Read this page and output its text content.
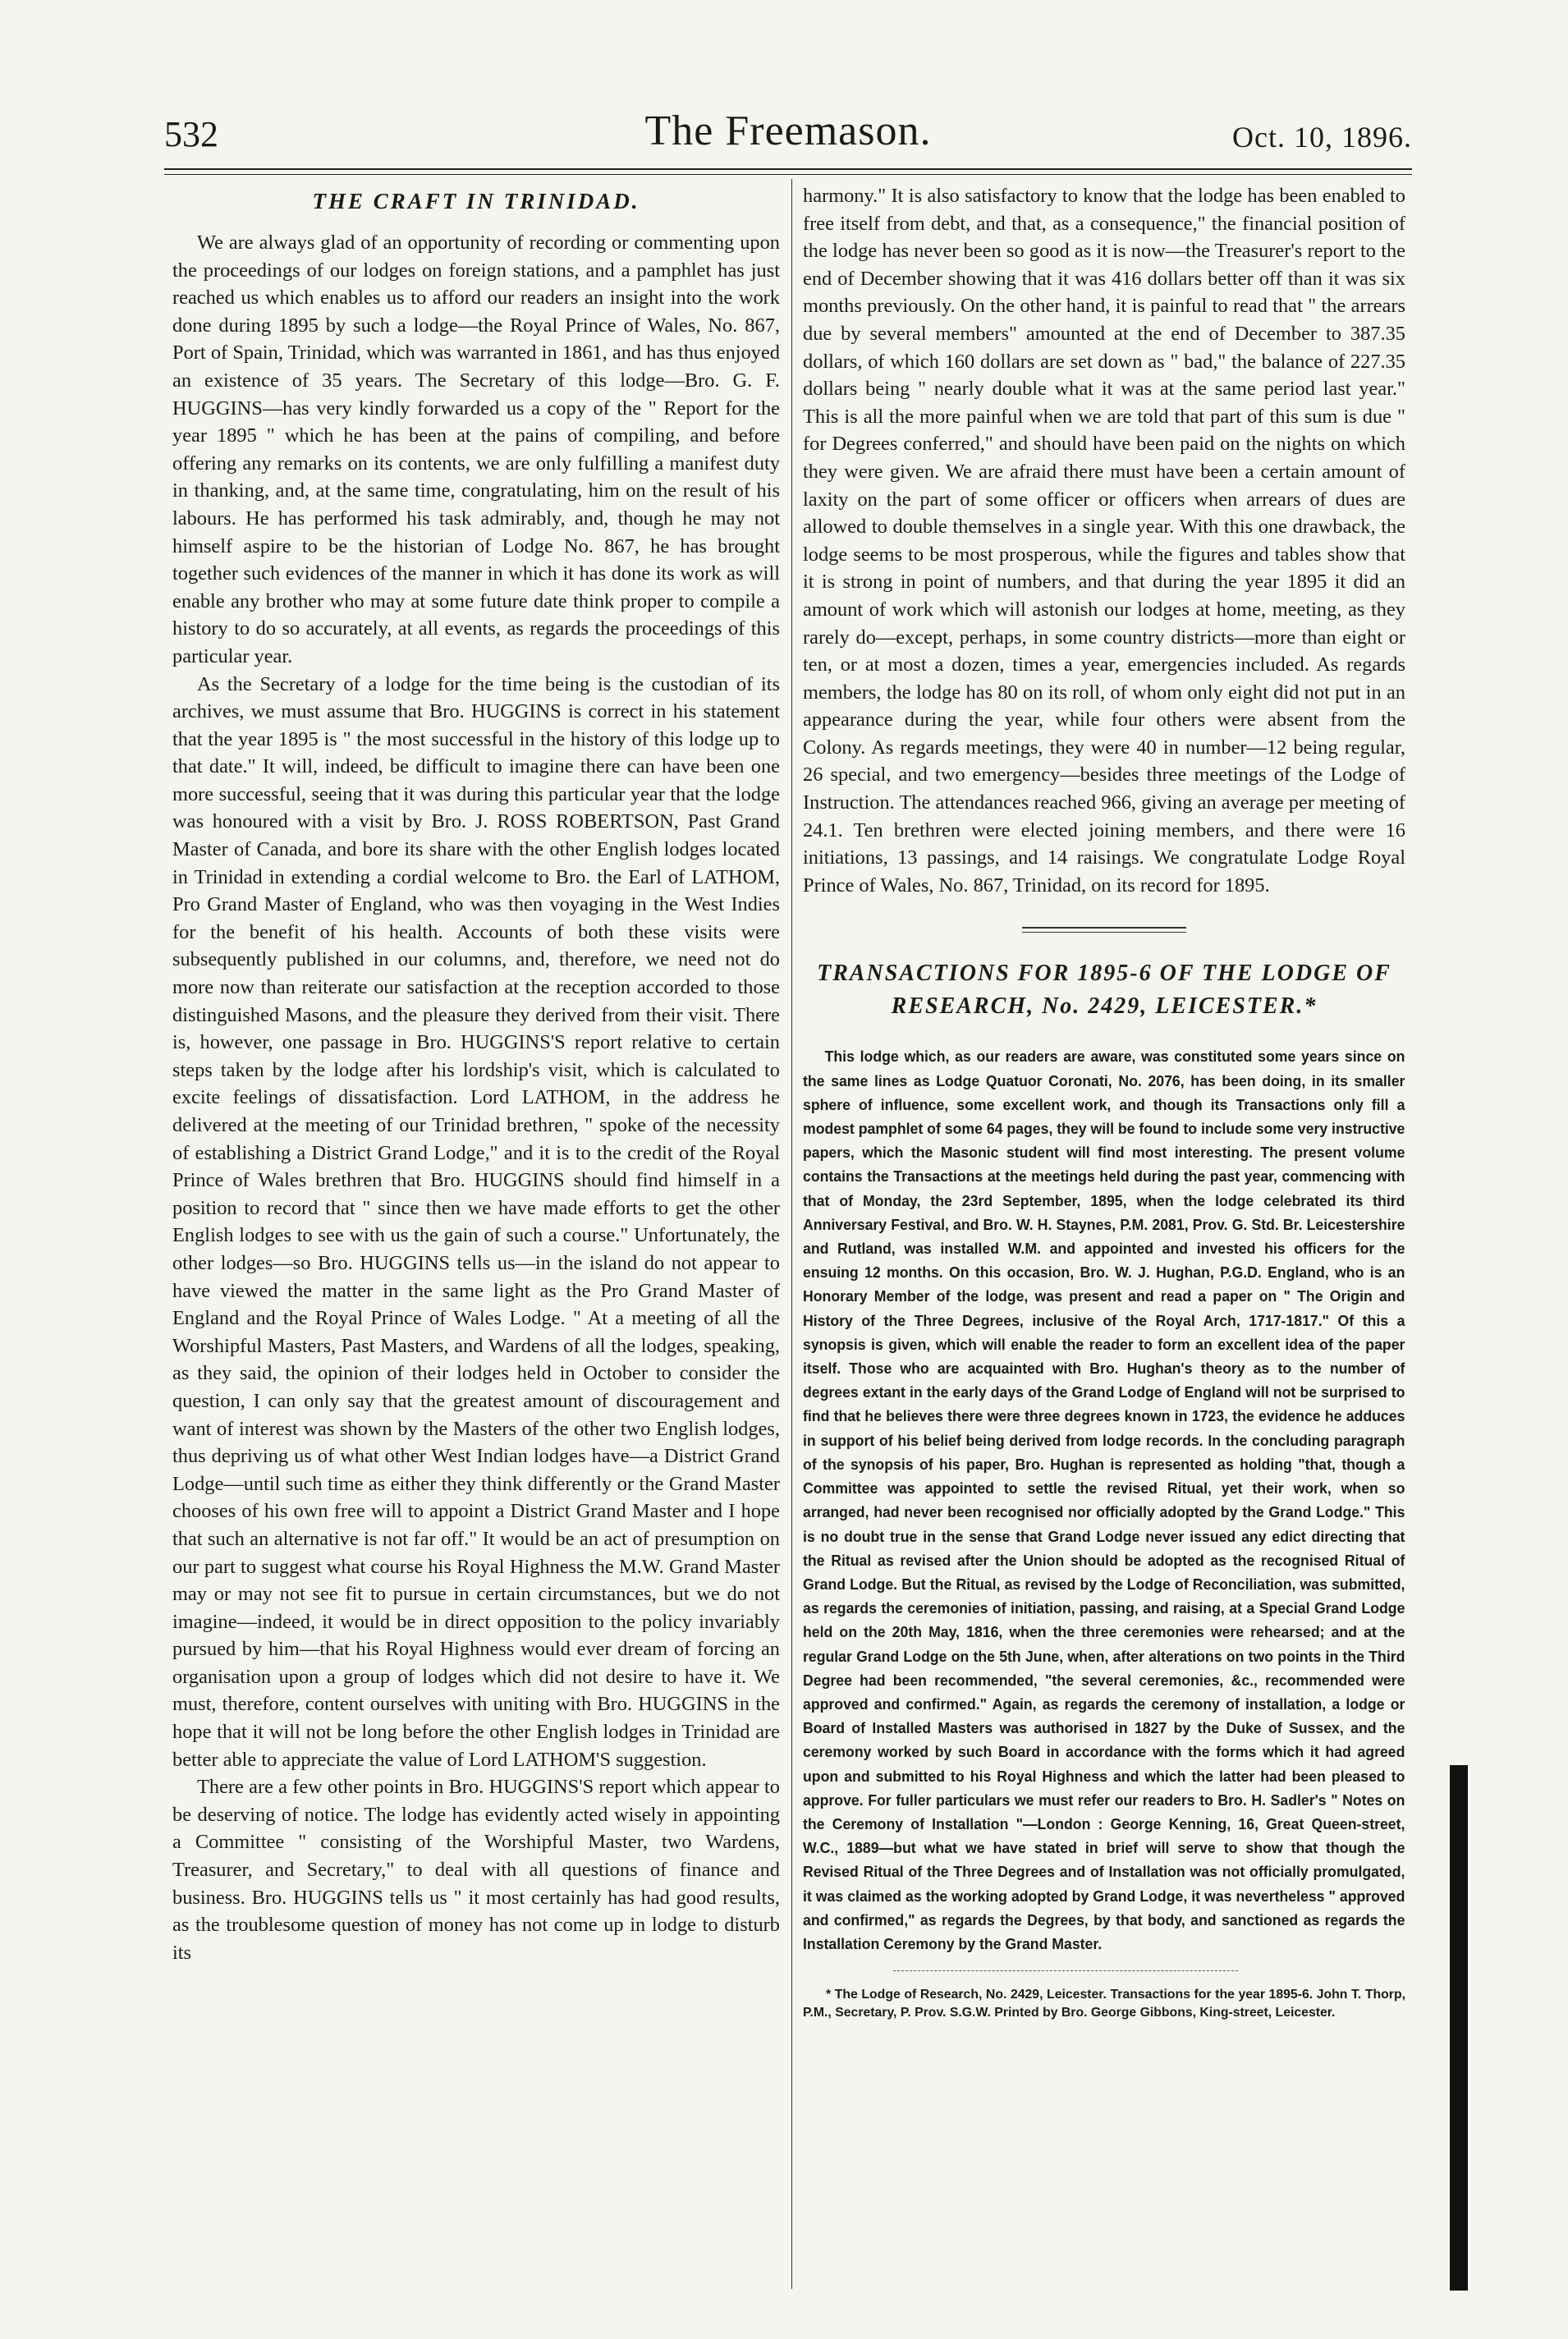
532	The Freemason.	Oct. 10, 1896.
THE CRAFT IN TRINIDAD.

We are always glad of an opportunity of recording or commenting upon the proceedings of our lodges on foreign stations, and a pamphlet has just reached us which enables us to afford our readers an insight into the work done during 1895 by such a lodge—the Royal Prince of Wales, No. 867, Port of Spain, Trinidad, which was warranted in 1861, and has thus enjoyed an existence of 35 years. The Secretary of this lodge—Bro. G. F. HUGGINS—has very kindly forwarded us a copy of the " Report for the year 1895 " which he has been at the pains of compiling, and before offering any remarks on its contents, we are only fulfilling a manifest duty in thanking, and, at the same time, congratulating, him on the result of his labours. He has performed his task admirably, and, though he may not himself aspire to be the historian of Lodge No. 867, he has brought together such evidences of the manner in which it has done its work as will enable any brother who may at some future date think proper to compile a history to do so accurately, at all events, as regards the proceedings of this particular year.

As the Secretary of a lodge for the time being is the custodian of its archives, we must assume that Bro. HUGGINS is correct in his statement that the year 1895 is " the most successful in the history of this lodge up to that date." It will, indeed, be difficult to imagine there can have been one more successful, seeing that it was during this particular year that the lodge was honoured with a visit by Bro. J. ROSS ROBERTSON, Past Grand Master of Canada, and bore its share with the other English lodges located in Trinidad in extending a cordial welcome to Bro. the Earl of LATHOM, Pro Grand Master of England, who was then voyaging in the West Indies for the benefit of his health. Accounts of both these visits were subsequently published in our columns, and, therefore, we need not do more now than reiterate our satisfaction at the reception accorded to those distinguished Masons, and the pleasure they derived from their visit. There is, however, one passage in Bro. HUGGINS'S report relative to certain steps taken by the lodge after his lordship's visit, which is calculated to excite feelings of dissatisfaction. Lord LATHOM, in the address he delivered at the meeting of our Trinidad brethren, " spoke of the necessity of establishing a District Grand Lodge," and it is to the credit of the Royal Prince of Wales brethren that Bro. HUGGINS should find himself in a position to record that " since then we have made efforts to get the other English lodges to see with us the gain of such a course." Unfortunately, the other lodges—so Bro. HUGGINS tells us—in the island do not appear to have viewed the matter in the same light as the Pro Grand Master of England and the Royal Prince of Wales Lodge. " At a meeting of all the Worshipful Masters, Past Masters, and Wardens of all the lodges, speaking, as they said, the opinion of their lodges held in October to consider the question, I can only say that the greatest amount of discouragement and want of interest was shown by the Masters of the other two English lodges, thus depriving us of what other West Indian lodges have—a District Grand Lodge—until such time as either they think differently or the Grand Master chooses of his own free will to appoint a District Grand Master and I hope that such an alternative is not far off." It would be an act of presumption on our part to suggest what course his Royal Highness the M.W. Grand Master may or may not see fit to pursue in certain circumstances, but we do not imagine—indeed, it would be in direct opposition to the policy invariably pursued by him—that his Royal Highness would ever dream of forcing an organisation upon a group of lodges which did not desire to have it. We must, therefore, content ourselves with uniting with Bro. HUGGINS in the hope that it will not be long before the other English lodges in Trinidad are better able to appreciate the value of Lord LATHOM'S suggestion.

There are a few other points in Bro. HUGGINS'S report which appear to be deserving of notice. The lodge has evidently acted wisely in appointing a Committee " consisting of the Worshipful Master, two Wardens, Treasurer, and Secretary," to deal with all questions of finance and business. Bro. HUGGINS tells us " it most certainly has had good results, as the troublesome question of money has not come up in lodge to disturb its

harmony." It is also satisfactory to know that the lodge has been enabled to free itself from debt, and that, as a consequence," the financial position of the lodge has never been so good as it is now—the Treasurer's report to the end of December showing that it was 416 dollars better off than it was six months previously. On the other hand, it is painful to read that " the arrears due by several members" amounted at the end of December to 387.35 dollars, of which 160 dollars are set down as " bad," the balance of 227.35 dollars being " nearly double what it was at the same period last year." This is all the more painful when we are told that part of this sum is due " for Degrees conferred," and should have been paid on the nights on which they were given. We are afraid there must have been a certain amount of laxity on the part of some officer or officers when arrears of dues are allowed to double themselves in a single year. With this one drawback, the lodge seems to be most prosperous, while the figures and tables show that it is strong in point of numbers, and that during the year 1895 it did an amount of work which will astonish our lodges at home, meeting, as they rarely do—except, perhaps, in some country districts—more than eight or ten, or at most a dozen, times a year, emergencies included. As regards members, the lodge has 80 on its roll, of whom only eight did not put in an appearance during the year, while four others were absent from the Colony. As regards meetings, they were 40 in number—12 being regular, 26 special, and two emergency—besides three meetings of the Lodge of Instruction. The attendances reached 966, giving an average per meeting of 24.1. Ten brethren were elected joining members, and there were 16 initiations, 13 passings, and 14 raisings. We congratulate Lodge Royal Prince of Wales, No. 867, Trinidad, on its record for 1895.

TRANSACTIONS FOR 1895-6 OF THE LODGE OF
RESEARCH, No. 2429, LEICESTER.*

This lodge which, as our readers are aware, was constituted some years since on the same lines as Lodge Quatuor Coronati, No. 2076, has been doing, in its smaller sphere of influence, some excellent work, and though its Transactions only fill a modest pamphlet of some 64 pages, they will be found to include some very instructive papers, which the Masonic student will find most interesting. The present volume contains the Transactions at the meetings held during the past year, commencing with that of Monday, the 23rd September, 1895, when the lodge celebrated its third Anniversary Festival, and Bro. W. H. Staynes, P.M. 2081, Prov. G. Std. Br. Leicestershire and Rutland, was installed W.M. and appointed and invested his officers for the ensuing 12 months. On this occasion, Bro. W. J. Hughan, P.G.D. England, who is an Honorary Member of the lodge, was present and read a paper on " The Origin and History of the Three Degrees, inclusive of the Royal Arch, 1717-1817." Of this a synopsis is given, which will enable the reader to form an excellent idea of the paper itself. Those who are acquainted with Bro. Hughan's theory as to the number of degrees extant in the early days of the Grand Lodge of England will not be surprised to find that he believes there were three degrees known in 1723, the evidence he adduces in support of his belief being derived from lodge records. In the concluding paragraph of the synopsis of his paper, Bro. Hughan is represented as holding "that, though a Committee was appointed to settle the revised Ritual, yet their work, when so arranged, had never been recognised nor officially adopted by the Grand Lodge." This is no doubt true in the sense that Grand Lodge never issued any edict directing that the Ritual as revised after the Union should be adopted as the recognised Ritual of Grand Lodge. But the Ritual, as revised by the Lodge of Reconciliation, was submitted, as regards the ceremonies of initiation, passing, and raising, at a Special Grand Lodge held on the 20th May, 1816, when the three ceremonies were rehearsed; and at the regular Grand Lodge on the 5th June, when, after alterations on two points in the Third Degree had been recommended, "the several ceremonies, &c., recommended were approved and confirmed." Again, as regards the ceremony of installation, a lodge or Board of Installed Masters was authorised in 1827 by the Duke of Sussex, and the ceremony worked by such Board in accordance with the forms which it had agreed upon and submitted to his Royal Highness and which the latter had been pleased to approve. For fuller particulars we must refer our readers to Bro. H. Sadler's " Notes on the Ceremony of Installation "—London : George Kenning, 16, Great Queen-street, W.C., 1889—but what we have stated in brief will serve to show that though the Revised Ritual of the Three Degrees and of Installation was not officially promulgated, it was claimed as the working adopted by Grand Lodge, it was nevertheless " approved and confirmed," as regards the Degrees, by that body, and sanctioned as regards the Installation Ceremony by the Grand Master.

* The Lodge of Research, No. 2429, Leicester. Transactions for the year 1895-6. John T. Thorp, P.M., Secretary, P. Prov. S.G.W. Printed by Bro. George Gibbons, King-street, Leicester.
